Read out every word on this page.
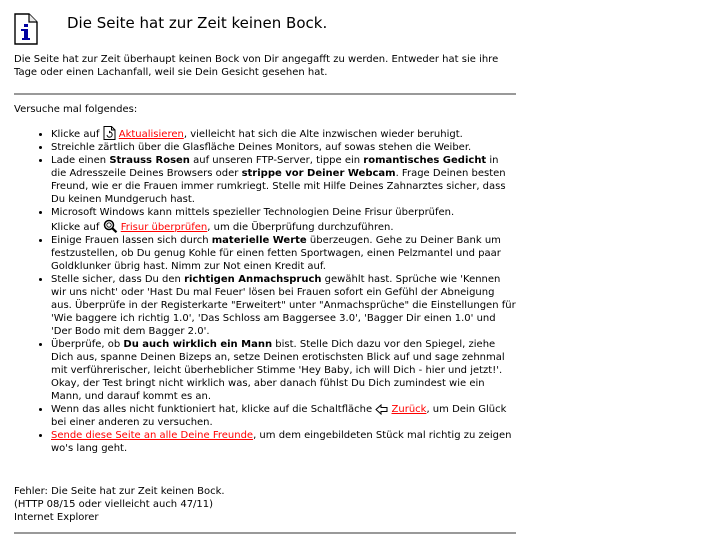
Die Seite hat zur Zeit keinen Bock.

Die Seite hat zur Zeit überhaupt keinen Bock von Dir angegafft zu werden. Entweder hat sie ihre Tage oder einen Lachanfall, weil sie Dein Gesicht gesehen hat.

Versuche mal folgendes:

• Klicke auf  Aktualisieren, vielleicht hat sich die Alte inzwischen wieder beruhigt.
• Streichle zärtlich über die Glasfläche Deines Monitors, auf sowas stehen die Weiber.
• Lade einen Strauss Rosen auf unseren FTP-Server, tippe ein romantisches Gedicht in die Adresszeile Deines Browsers oder strippe vor Deiner Webcam. Frage Deinen besten Freund, wie er die Frauen immer rumkriegt. Stelle mit Hilfe Deines Zahnarztes sicher, dass Du keinen Mundgeruch hast.
• Microsoft Windows kann mittels spezieller Technologien Deine Frisur überprüfen.
Klicke auf  Frisur überprüfen, um die Überprüfung durchzuführen.
• Einige Frauen lassen sich durch materielle Werte überzeugen. Gehe zu Deiner Bank um festzustellen, ob Du genug Kohle für einen fetten Sportwagen, einen Pelzmantel und paar Goldklunker übrig hast. Nimm zur Not einen Kredit auf.
• Stelle sicher, dass Du den richtigen Anmachspruch gewählt hast. Sprüche wie 'Kennen wir uns nicht' oder 'Hast Du mal Feuer' lösen bei Frauen sofort ein Gefühl der Abneigung aus. Überprüfe in der Registerkarte "Erweitert" unter "Anmachsprüche" die Einstellungen für 'Wie baggere ich richtig 1.0', 'Das Schloss am Baggersee 3.0', 'Bagger Dir einen 1.0' und 'Der Bodo mit dem Bagger 2.0'.
• Überprüfe, ob Du auch wirklich ein Mann bist. Stelle Dich dazu vor den Spiegel, ziehe Dich aus, spanne Deinen Bizeps an, setze Deinen erotischsten Blick auf und sage zehnmal mit verführerischer, leicht überheblicher Stimme 'Hey Baby, ich will Dich - hier und jetzt!'. Okay, der Test bringt nicht wirklich was, aber danach fühlst Du Dich zumindest wie ein Mann, und darauf kommt es an.
• Wenn das alles nicht funktioniert hat, klicke auf die Schaltfläche  Zurück, um Dein Glück bei einer anderen zu versuchen.
• Sende diese Seite an alle Deine Freunde, um dem eingebildeten Stück mal richtig zu zeigen wo's lang geht.

Fehler: Die Seite hat zur Zeit keinen Bock.

(HTTP 08/15 oder vielleicht auch 47/11)

Internet Explorer
